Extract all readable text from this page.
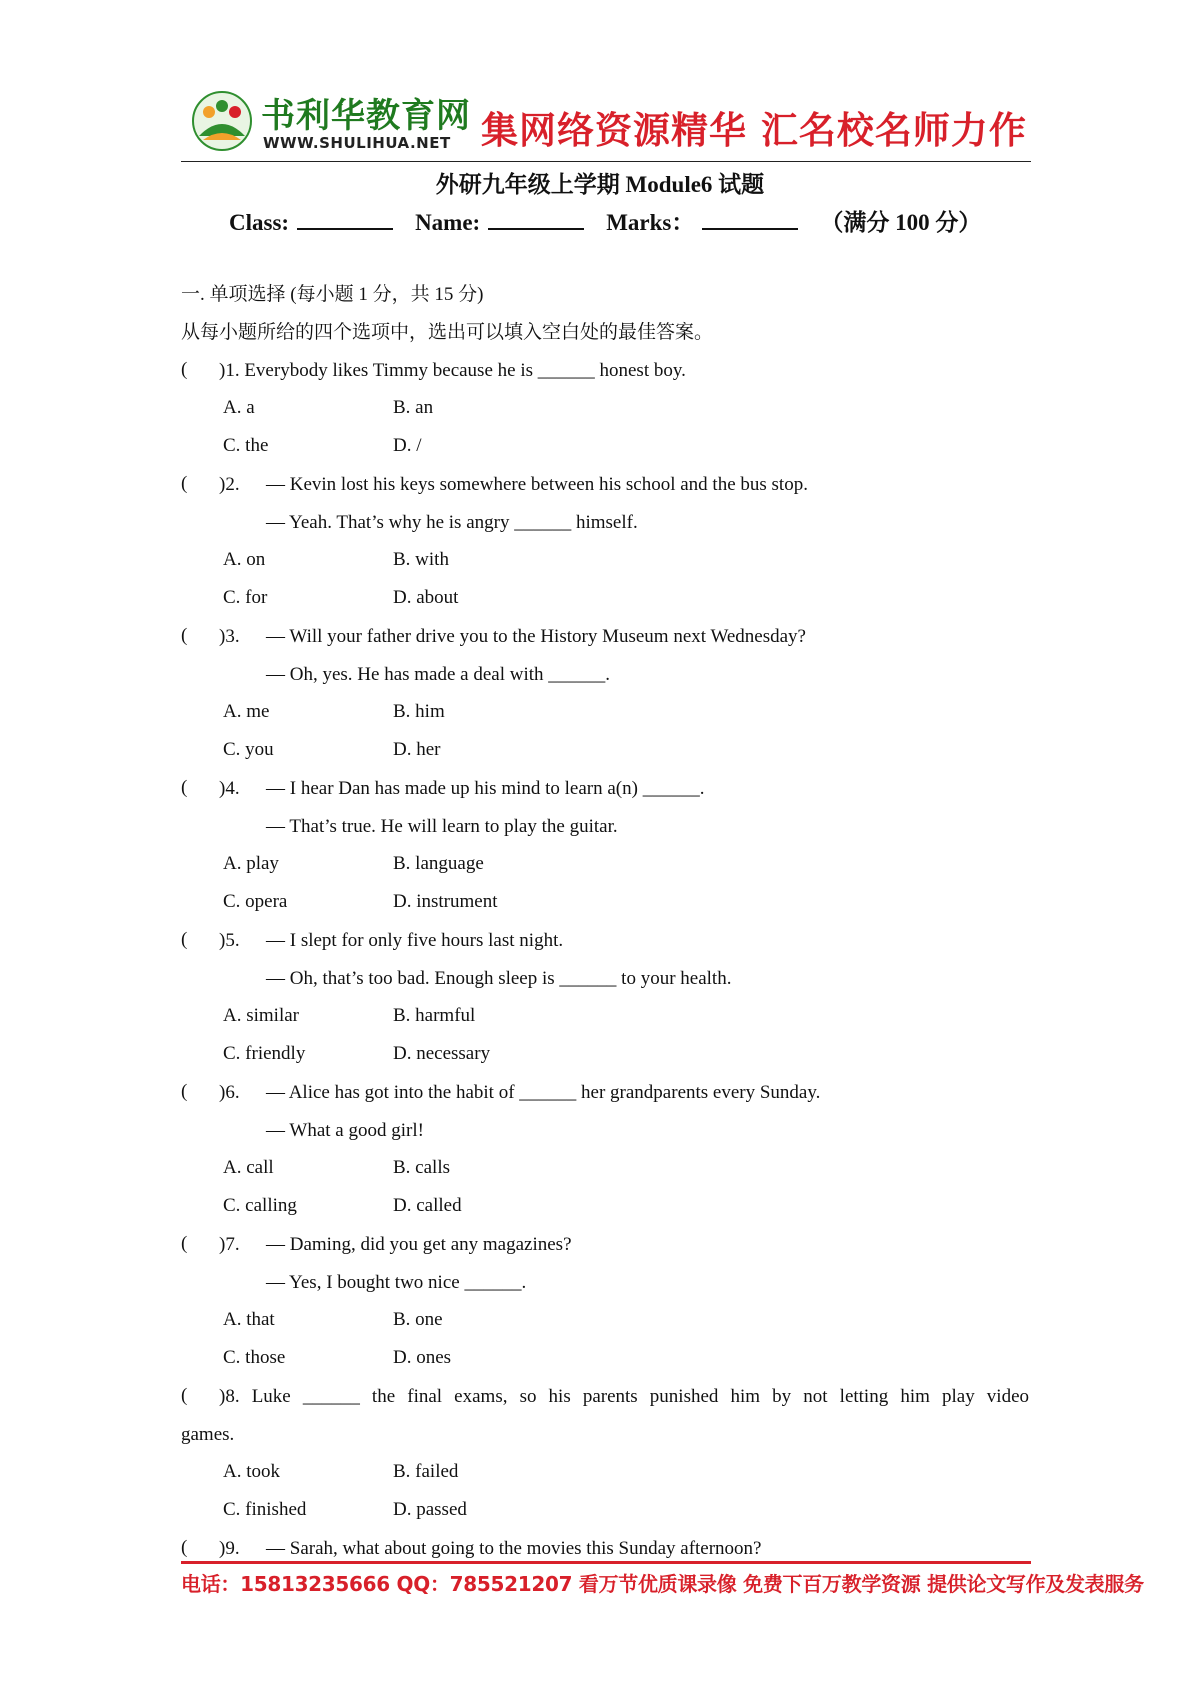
书利华教育网
WWW.SHULIHUA.NET 集网络资源精华 汇名校名师力作
外研九年级上学期 Module6 试题
Class:	Name:	Marks：	（满分 100 分）
一. 单项选择 (每小题 1 分，共 15 分)
从每小题所给的四个选项中，选出可以填入空白处的最佳答案。
( )1. Everybody likes Timmy because he is ______ honest boy.
A. a	B. an
C. the	D. /
( )2. — Kevin lost his keys somewhere between his school and the bus stop.
— Yeah. That’s why he is angry ______ himself.
A. on	B. with
C. for	D. about
( )3. — Will your father drive you to the History Museum next Wednesday?
— Oh, yes. He has made a deal with ______.
A. me	B. him
C. you	D. her
( )4. — I hear Dan has made up his mind to learn a(n) ______.
— That’s true. He will learn to play the guitar.
A. play	B. language
C. opera	D. instrument
( )5. — I slept for only five hours last night.
— Oh, that’s too bad. Enough sleep is ______ to your health.
A. similar	B. harmful
C. friendly	D. necessary
( )6. — Alice has got into the habit of ______ her grandparents every Sunday.
— What a good girl!
A. call	B. calls
C. calling	D. called
( )7. — Daming, did you get any magazines?
— Yes, I bought two nice ______.
A. that	B. one
C. those	D. ones
( )8. Luke ______ the final exams, so his parents punished him by not letting him play video
games.
A. took	B. failed
C. finished	D. passed
( )9. — Sarah, what about going to the movies this Sunday afternoon?
电话：15813235666 QQ：785521207 看万节优质课录像 免费下百万教学资源 提供论文写作及发表服务
